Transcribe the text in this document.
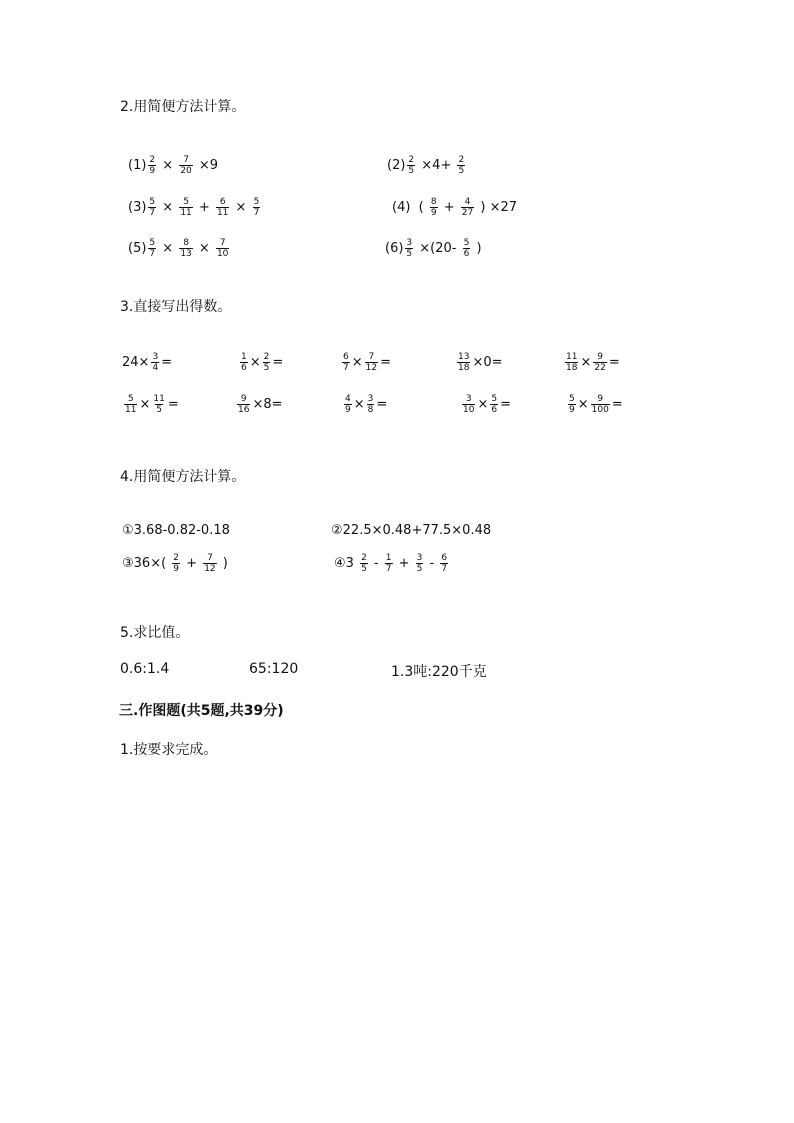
2.用简便方法计算。
$(1) \frac{2}{9} \times \frac{7}{20} \times 9$	$(2) \frac{2}{5} \times 4+ \frac{2}{5}$
$(3) \frac{5}{7} \times \frac{5}{11} + \frac{6}{11} \times \frac{5}{7}$	(4)  ( $\frac{8}{9} + \frac{4}{27}$ ) ×27
$(5) \frac{5}{7} \times \frac{8}{13} \times \frac{7}{10}$	$(6) \frac{3}{5} \times(20- \frac{5}{6}$ )
3.直接写出得数。
$24\times \frac{3}{4}$ =	$\frac{1}{6} \times \frac{2}{5}$ =	$\frac{6}{7} \times \frac{7}{12}$ =	$\frac{13}{18} \times 0=$	$\frac{11}{18} \times \frac{9}{22}$ =
$\frac{5}{11} \times \frac{11}{5}$ =	$\frac{9}{16} \times 8=$	$\frac{4}{9} \times \frac{3}{8}$ =	$\frac{3}{10} \times \frac{5}{6}$ =	$\frac{5}{9} \times \frac{9}{100}$ =
4.用简便方法计算。
①3.68-0.82-0.18	②22.5×0.48+77.5×0.48
③36×( $\frac{2}{9} + \frac{7}{12}$ )	④3 $\frac{2}{5} - \frac{1}{7} + \frac{3}{5} - \frac{6}{7}$
5.求比值。
0.6:1.4	65:120	1.3吨:220千克
三.作图题(共5题,共39分)
1.按要求完成。
